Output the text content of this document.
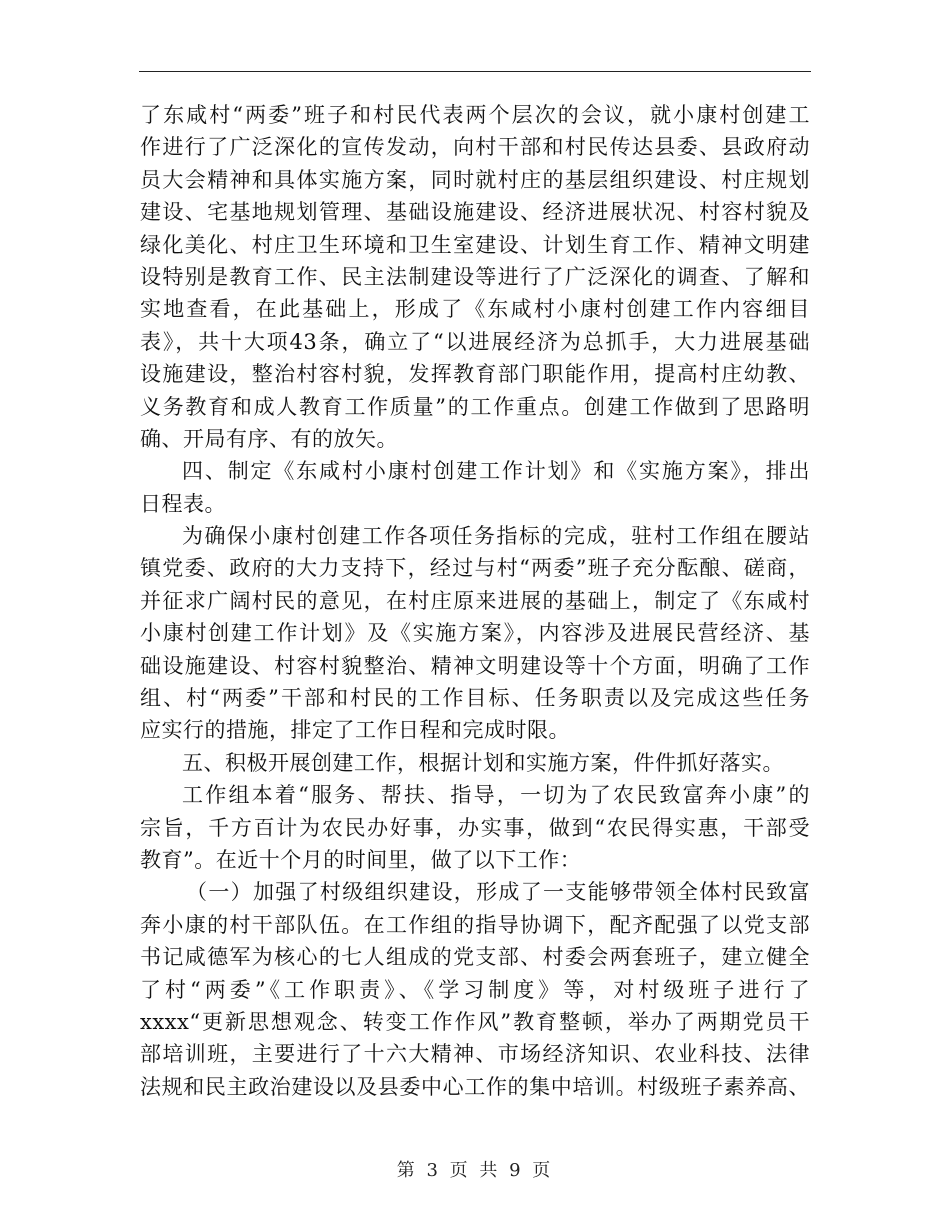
了东咸村“两委”班子和村民代表两个层次的会议，就小康村创建工
作进行了广泛深化的宣传发动，向村干部和村民传达县委、县政府动
员大会精神和具体实施方案，同时就村庄的基层组织建设、村庄规划
建设、宅基地规划管理、基础设施建设、经济进展状况、村容村貌及
绿化美化、村庄卫生环境和卫生室建设、计划生育工作、精神文明建
设特别是教育工作、民主法制建设等进行了广泛深化的调查、了解和
实地查看，在此基础上，形成了《东咸村小康村创建工作内容细目
表》，共十大项43条，确立了“以进展经济为总抓手，大力进展基础
设施建设，整治村容村貌，发挥教育部门职能作用，提高村庄幼教、
义务教育和成人教育工作质量”的工作重点。创建工作做到了思路明
确、开局有序、有的放矢。
四、制定《东咸村小康村创建工作计划》和《实施方案》，排出
日程表。
为确保小康村创建工作各项任务指标的完成，驻村工作组在腰站
镇党委、政府的大力支持下，经过与村“两委”班子充分酝酿、磋商，
并征求广阔村民的意见，在村庄原来进展的基础上，制定了《东咸村
小康村创建工作计划》及《实施方案》，内容涉及进展民营经济、基
础设施建设、村容村貌整治、精神文明建设等十个方面，明确了工作
组、村“两委”干部和村民的工作目标、任务职责以及完成这些任务
应实行的措施，排定了工作日程和完成时限。
五、积极开展创建工作，根据计划和实施方案，件件抓好落实。
工作组本着“服务、帮扶、指导，一切为了农民致富奔小康”的
宗旨，千方百计为农民办好事，办实事，做到“农民得实惠，干部受
教育”。在近十个月的时间里，做了以下工作：
（一）加强了村级组织建设，形成了一支能够带领全体村民致富
奔小康的村干部队伍。在工作组的指导协调下，配齐配强了以党支部
书记咸德军为核心的七人组成的党支部、村委会两套班子，建立健全
了村“两委”《工作职责》、《学习制度》等，对村级班子进行了
xxxx“更新思想观念、转变工作作风”教育整顿，举办了两期党员干
部培训班，主要进行了十六大精神、市场经济知识、农业科技、法律
法规和民主政治建设以及县委中心工作的集中培训。村级班子素养高、
第 3 页 共 9 页
